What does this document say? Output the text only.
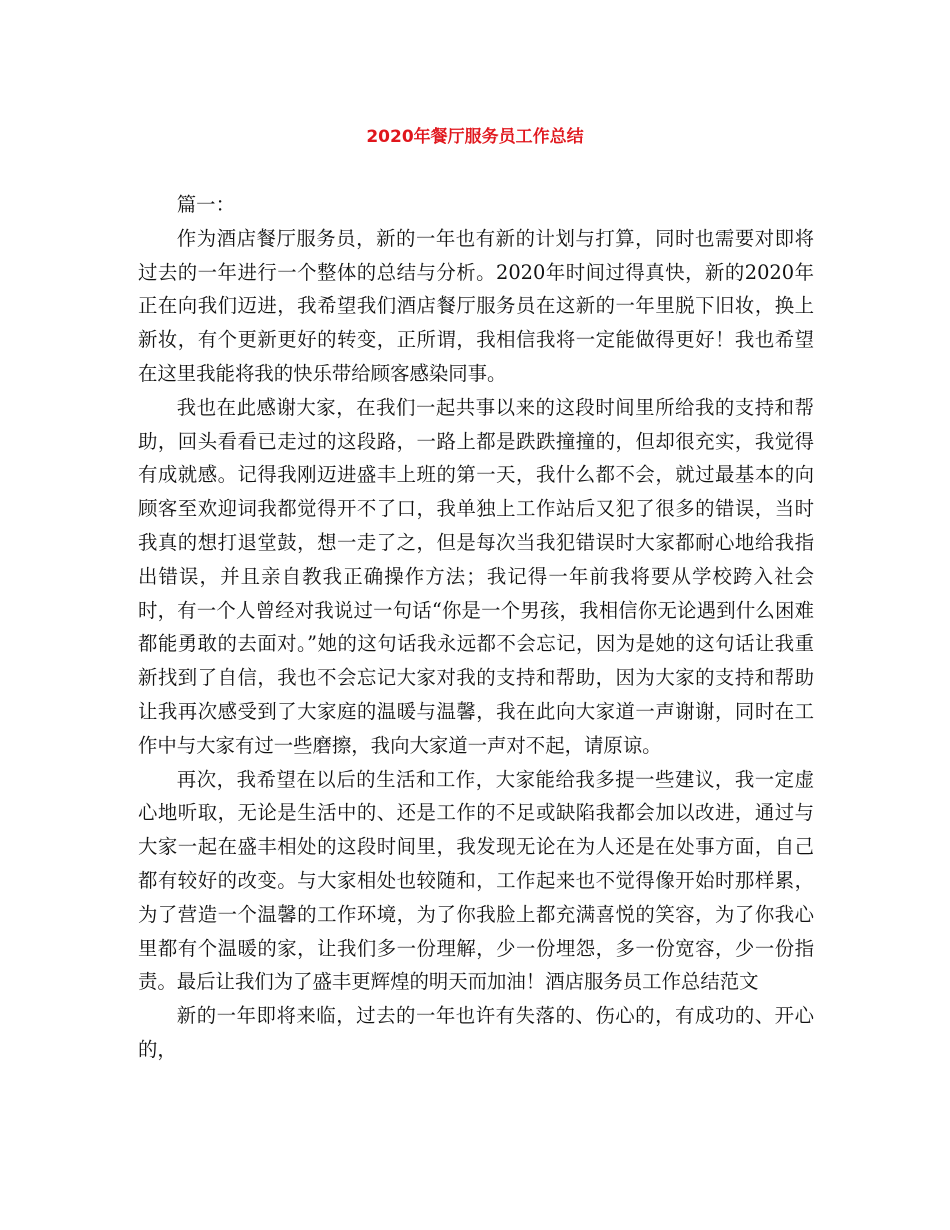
2020年餐厅服务员工作总结

篇一：

作为酒店餐厅服务员，新的一年也有新的计划与打算，同时也需要对即将过去的一年进行一个整体的总结与分析。2020年时间过得真快，新的2020年正在向我们迈进，我希望我们酒店餐厅服务员在这新的一年里脱下旧妆，换上新妆，有个更新更好的转变，正所谓，我相信我将一定能做得更好！我也希望在这里我能将我的快乐带给顾客感染同事。

我也在此感谢大家，在我们一起共事以来的这段时间里所给我的支持和帮助，回头看看已走过的这段路，一路上都是跌跌撞撞的，但却很充实，我觉得有成就感。记得我刚迈进盛丰上班的第一天，我什么都不会，就过最基本的向顾客至欢迎词我都觉得开不了口，我单独上工作站后又犯了很多的错误，当时我真的想打退堂鼓，想一走了之，但是每次当我犯错误时大家都耐心地给我指出错误，并且亲自教我正确操作方法；我记得一年前我将要从学校跨入社会时，有一个人曾经对我说过一句话“你是一个男孩，我相信你无论遇到什么困难都能勇敢的去面对。”她的这句话我永远都不会忘记，因为是她的这句话让我重新找到了自信，我也不会忘记大家对我的支持和帮助，因为大家的支持和帮助让我再次感受到了大家庭的温暖与温馨，我在此向大家道一声谢谢，同时在工作中与大家有过一些磨擦，我向大家道一声对不起，请原谅。

再次，我希望在以后的生活和工作，大家能给我多提一些建议，我一定虚心地听取，无论是生活中的、还是工作的不足或缺陷我都会加以改进，通过与大家一起在盛丰相处的这段时间里，我发现无论在为人还是在处事方面，自己都有较好的改变。与大家相处也较随和，工作起来也不觉得像开始时那样累，为了营造一个温馨的工作环境，为了你我脸上都充满喜悦的笑容，为了你我心里都有个温暖的家，让我们多一份理解，少一份埋怨，多一份宽容，少一份指责。最后让我们为了盛丰更辉煌的明天而加油！酒店服务员工作总结范文

新的一年即将来临，过去的一年也许有失落的、伤心的，有成功的、开心的，
